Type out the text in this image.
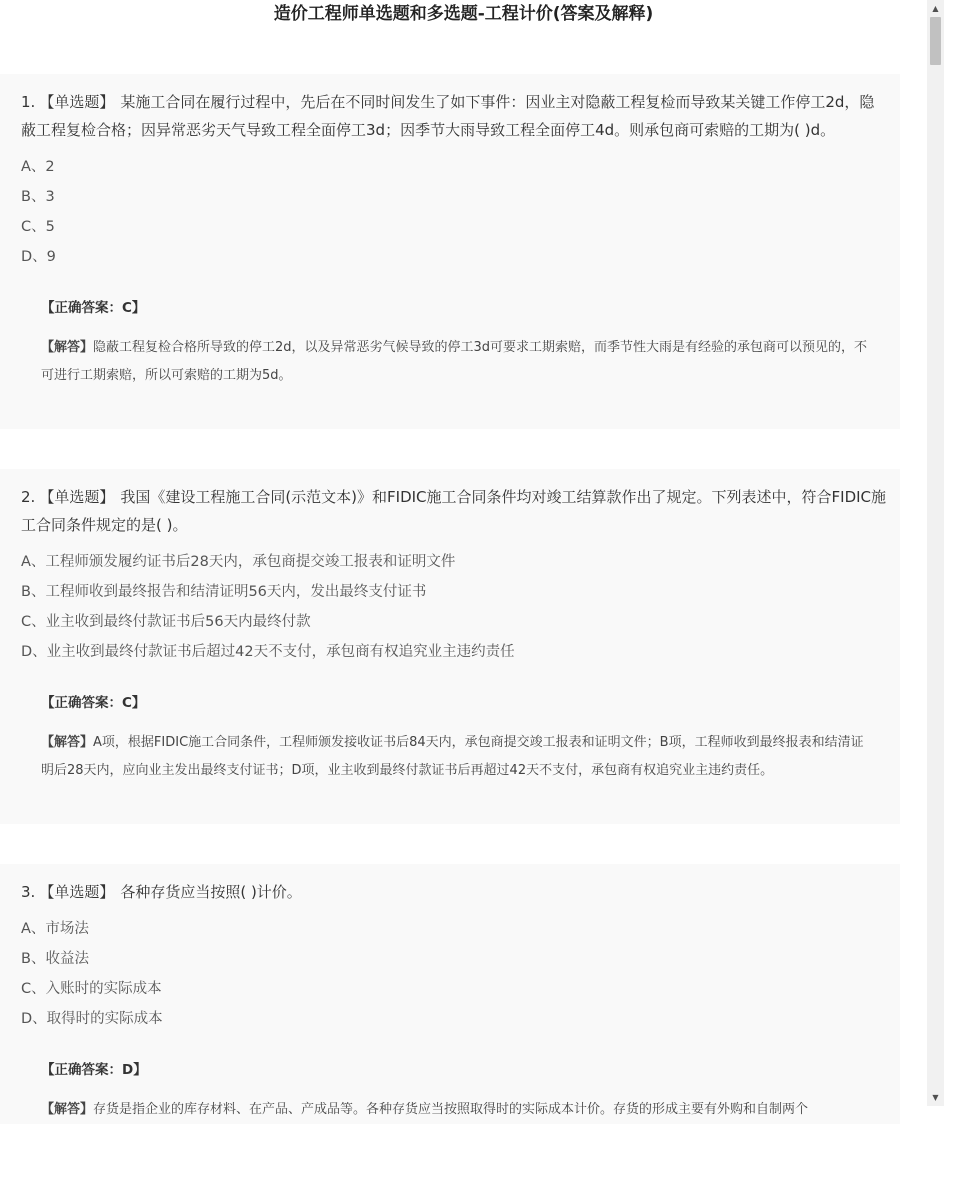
造价工程师单选题和多选题-工程计价(答案及解释)
1. 【单选题】 某施工合同在履行过程中，先后在不同时间发生了如下事件：因业主对隐蔽工程复检而导致某关键工作停工2d，隐蔽工程复检合格；因异常恶劣天气导致工程全面停工3d；因季节大雨导致工程全面停工4d。则承包商可索赔的工期为( )d。
A、2
B、3
C、5
D、9
【正确答案：C】
【解答】隐蔽工程复检合格所导致的停工2d，以及异常恶劣气候导致的停工3d可要求工期索赔，而季节性大雨是有经验的承包商可以预见的，不可进行工期索赔，所以可索赔的工期为5d。
2. 【单选题】 我国《建设工程施工合同(示范文本)》和FIDIC施工合同条件均对竣工结算款作出了规定。下列表述中，符合FIDIC施工合同条件规定的是( )。
A、工程师颁发履约证书后28天内，承包商提交竣工报表和证明文件
B、工程师收到最终报告和结清证明56天内，发出最终支付证书
C、业主收到最终付款证书后56天内最终付款
D、业主收到最终付款证书后超过42天不支付，承包商有权追究业主违约责任
【正确答案：C】
【解答】A项，根据FIDIC施工合同条件，工程师颁发接收证书后84天内，承包商提交竣工报表和证明文件；B项，工程师收到最终报表和结清证明后28天内，应向业主发出最终支付证书；D项，业主收到最终付款证书后再超过42天不支付，承包商有权追究业主违约责任。
3. 【单选题】 各种存货应当按照( )计价。
A、市场法
B、收益法
C、入账时的实际成本
D、取得时的实际成本
【正确答案：D】
【解答】存货是指企业的库存材料、在产品、产成品等。各种存货应当按照取得时的实际成本计价。存货的形成主要有外购和自制两个
▲
▼
